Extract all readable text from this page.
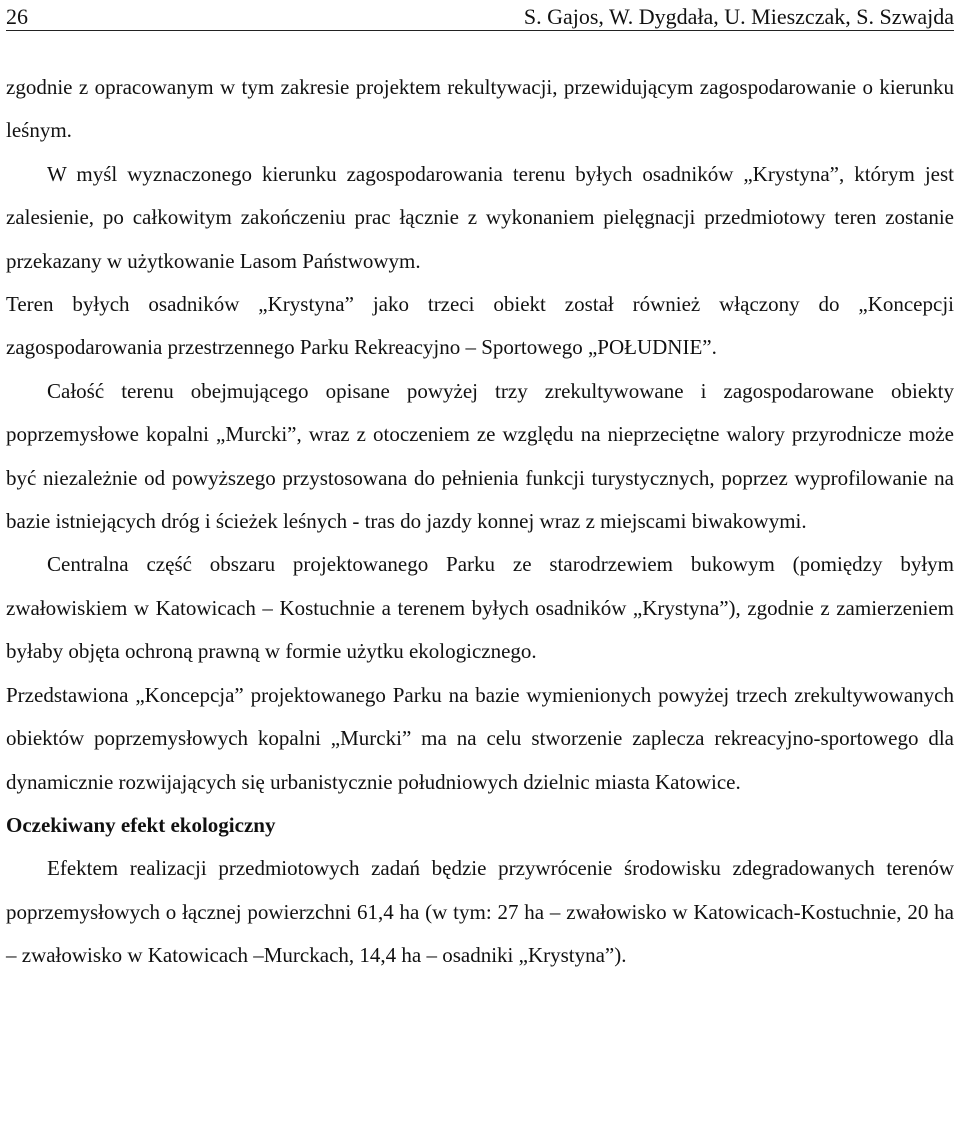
26	S. Gajos, W. Dygdała, U. Mieszczak, S. Szwajda

zgodnie z opracowanym w tym zakresie projektem rekultywacji, przewidującym zagospodarowanie o kierunku leśnym.

W myśl wyznaczonego kierunku zagospodarowania terenu byłych osadników „Krystyna”, którym jest zalesienie, po całkowitym zakończeniu prac łącznie z wykonaniem pielęgnacji przedmiotowy teren zostanie przekazany w użytkowanie Lasom Państwowym.

Teren byłych osadników „Krystyna” jako trzeci obiekt został również włączony do „Koncepcji zagospodarowania przestrzennego Parku Rekreacyjno – Sportowego „POŁUDNIE”.

Całość terenu obejmującego opisane powyżej trzy zrekultywowane i zagospodarowane obiekty poprzemysłowe kopalni „Murcki”, wraz z otoczeniem ze względu na nieprzeciętne walory przyrodnicze może być niezależnie od powyższego przystosowana do pełnienia funkcji turystycznych, poprzez wyprofilowanie na bazie istniejących dróg i ścieżek leśnych - tras do jazdy konnej wraz z miejscami biwakowymi.

Centralna część obszaru projektowanego Parku ze starodrzewiem bukowym (pomiędzy byłym zwałowiskiem w Katowicach – Kostuchnie a terenem byłych osadników „Krystyna”), zgodnie z zamierzeniem byłaby objęta ochroną prawną w formie użytku ekologicznego.

Przedstawiona „Koncepcja” projektowanego Parku na bazie wymienionych powyżej trzech zrekultywowanych obiektów poprzemysłowych kopalni „Murcki” ma na celu stworzenie zaplecza rekreacyjno-sportowego dla dynamicznie rozwijających się urbanistycznie południowych dzielnic miasta Katowice.

Oczekiwany efekt ekologiczny

Efektem realizacji przedmiotowych zadań będzie przywrócenie środowisku zdegradowanych terenów poprzemysłowych o łącznej powierzchni 61,4 ha (w tym: 27 ha – zwałowisko w Katowicach-Kostuchnie, 20 ha – zwałowisko w Katowicach –Murckach, 14,4 ha – osadniki „Krystyna”).
